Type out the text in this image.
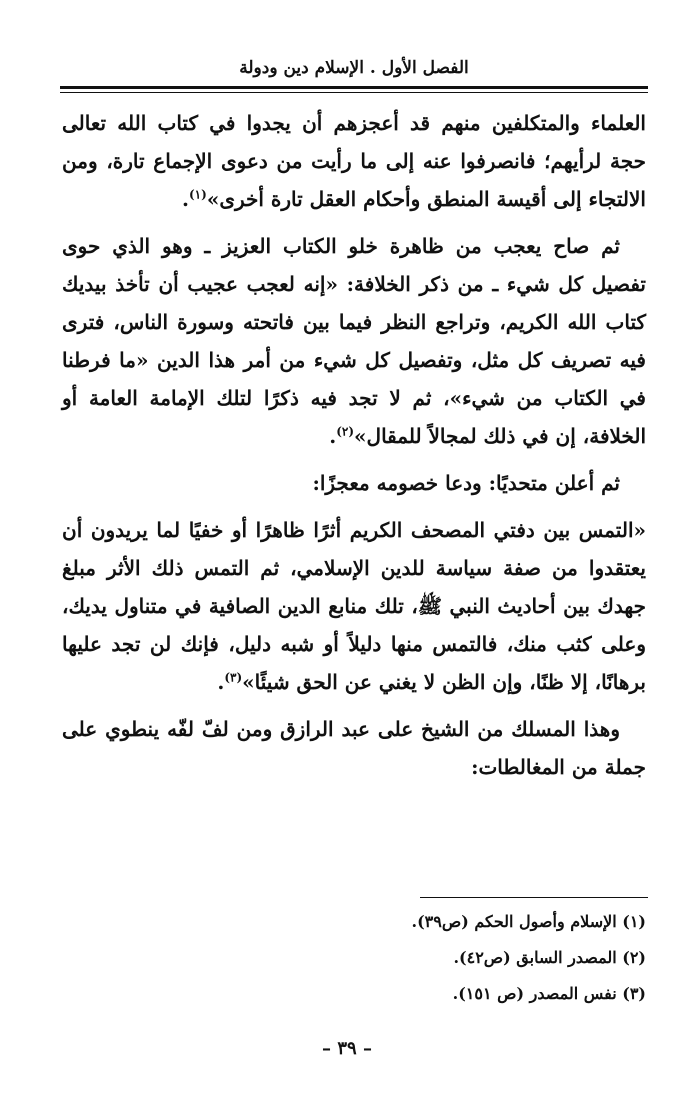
الفصل الأول . الإسلام دين ودولة

العلماء والمتكلفين منهم قد أعجزهم أن يجدوا في كتاب الله تعالى حجة لرأيهم؛ فانصرفوا عنه إلى ما رأيت من دعوى الإجماع تارة، ومن الالتجاء إلى أقيسة المنطق وأحكام العقل تارة أخرى»$^{(١)}$.

ثم صاح يعجب من ظاهرة خلو الكتاب العزيز ـ وهو الذي حوى تفصيل كل شيء ـ من ذكر الخلافة: «إنه لعجب عجيب أن تأخذ بيديك كتاب الله الكريم، وتراجع النظر فيما بين فاتحته وسورة الناس، فترى فيه تصريف كل مثل، وتفصيل كل شيء من أمر هذا الدين «ما فرطنا في الكتاب من شيء»، ثم لا تجد فيه ذكرًا لتلك الإمامة العامة أو الخلافة، إن في ذلك لمجالاً للمقال»$^{(٢)}$.

ثم أعلن متحديًا: ودعا خصومه معجزًا:

«التمس بين دفتي المصحف الكريم أثرًا ظاهرًا أو خفيًا لما يريدون أن يعتقدوا من صفة سياسة للدين الإسلامي، ثم التمس ذلك الأثر مبلغ جهدك بين أحاديث النبي ﷺ، تلك منابع الدين الصافية في متناول يديك، وعلى كثب منك، فالتمس منها دليلاً أو شبه دليل، فإنك لن تجد عليها برهانًا، إلا ظنًا، وإن الظن لا يغني عن الحق شيئًا»$^{(٣)}$.

وهذا المسلك من الشيخ على عبد الرازق ومن لفّ لفّه ينطوي على جملة من المغالطات:

(١) الإسلام وأصول الحكم (ص٣٩).
(٢) المصدر السابق (ص٤٢).
(٣) نفس المصدر (ص ١٥١).
– ٣٩ –
